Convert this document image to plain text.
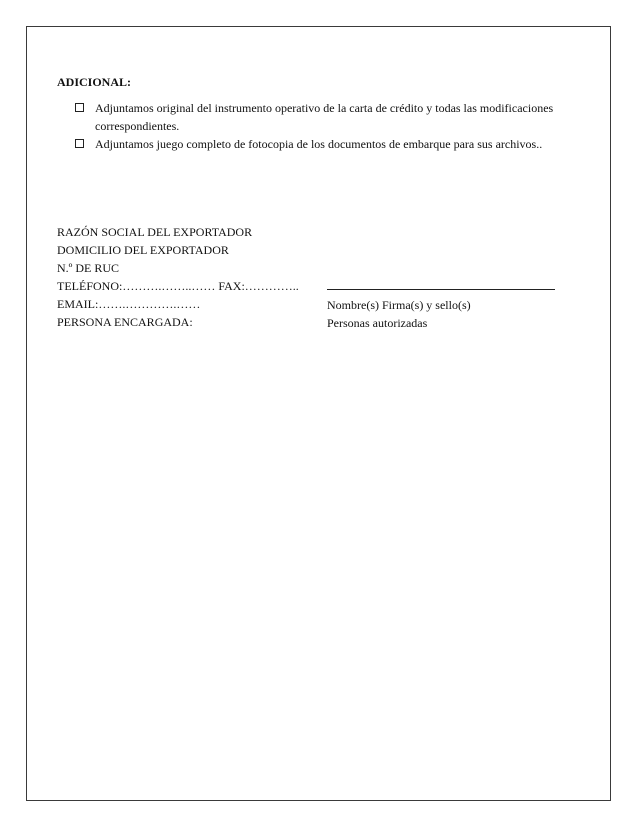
ADICIONAL:
Adjuntamos original del instrumento operativo de la carta de crédito y todas las modificaciones correspondientes.
Adjuntamos juego completo de fotocopia de los documentos de embarque para sus archivos..
RAZÓN SOCIAL DEL EXPORTADOR
DOMICILIO DEL EXPORTADOR
N.º DE RUC
TELÉFONO:……….……..…… FAX:…………..
EMAIL:…….………….……
PERSONA ENCARGADA:
Nombre(s) Firma(s) y sello(s)
Personas autorizadas
